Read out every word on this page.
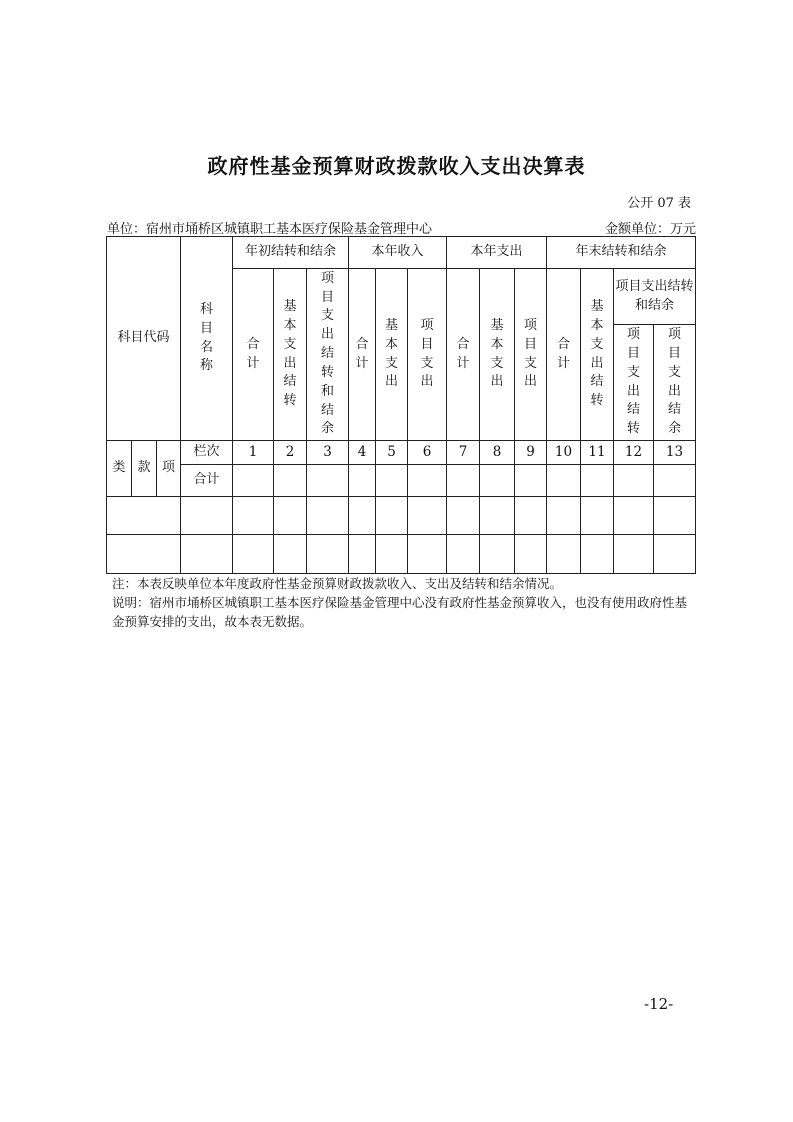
政府性基金预算财政拨款收入支出决算表
公开 07 表
单位：宿州市埇桥区城镇职工基本医疗保险基金管理中心	金额单位：万元
科目代码			科目名称	年初结转和结余			本年收入			本年支出			年末结转和结余			
				合计	基本支出结转	项目支出结转和结余	合计	基本支出	项目支出	合计	基本支出	项目支出	合计	基本支出结转	项目支出结转和结余	
															项目支出结转	项目支出结余

类	款	项	栏次	1	2	3	4	5	6	7	8	9	10	11	12	13
			合计													

注：本表反映单位本年度政府性基金预算财政拨款收入、支出及结转和结余情况。
说明：宿州市埇桥区城镇职工基本医疗保险基金管理中心没有政府性基金预算收入，也没有使用政府性基金预算安排的支出，故本表无数据。
-12-
